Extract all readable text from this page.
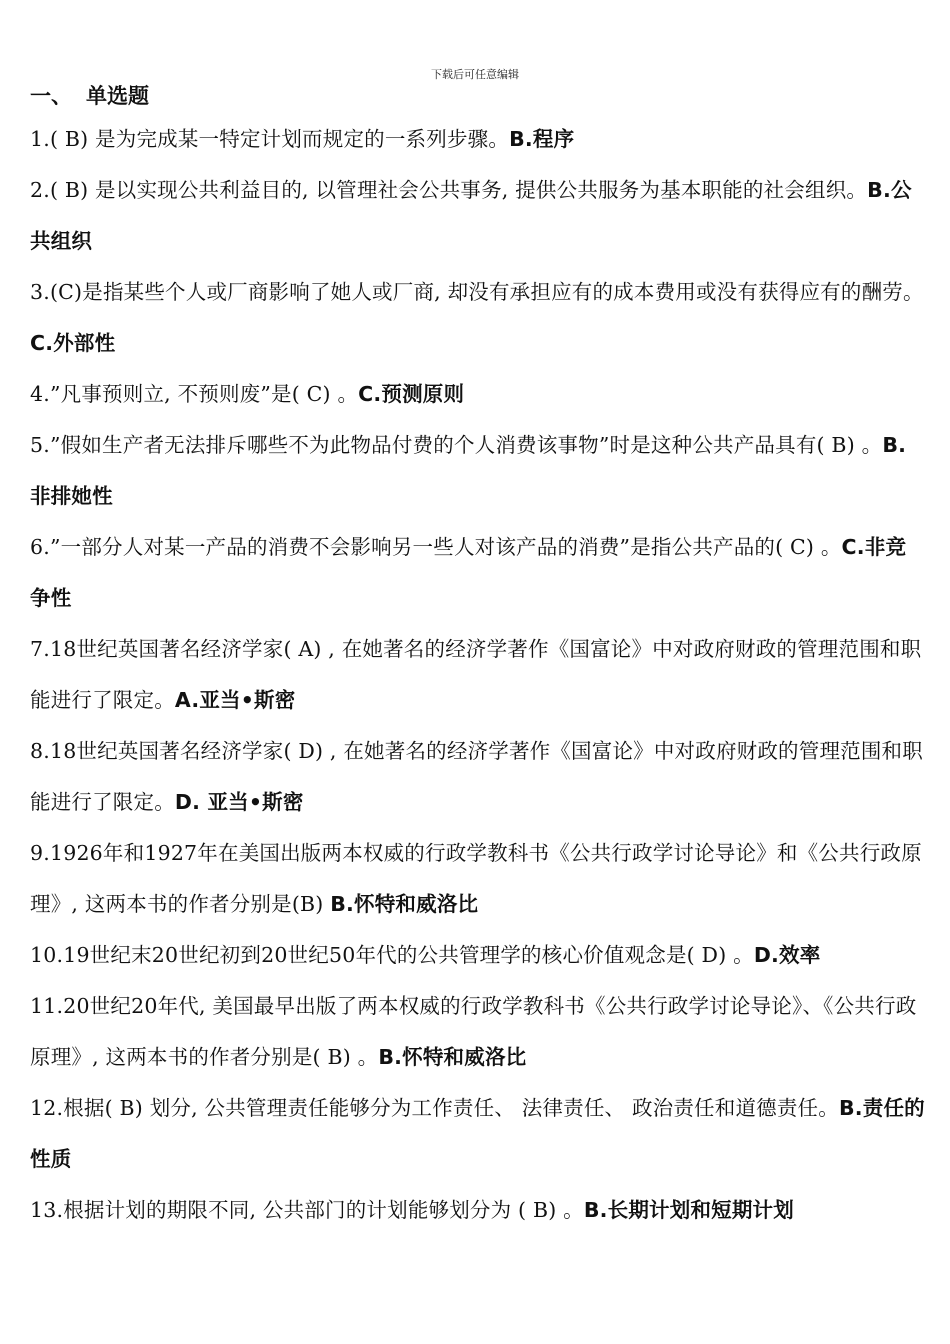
下载后可任意编辑
一、 单选题

1.( B) 是为完成某一特定计划而规定的一系列步骤。B.程序

2.( B) 是以实现公共利益目的, 以管理社会公共事务, 提供公共服务为基本职能的社会组织。B.公共组织

3.(C)是指某些个人或厂商影响了她人或厂商, 却没有承担应有的成本费用或没有获得应有的酬劳。C.外部性

4.”凡事预则立, 不预则废”是( C) 。C.预测原则

5.”假如生产者无法排斥哪些不为此物品付费的个人消费该事物”时是这种公共产品具有( B) 。B.非排她性

6.”一部分人对某一产品的消费不会影响另一些人对该产品的消费”是指公共产品的( C) 。C.非竞争性

7.18世纪英国著名经济学家( A) , 在她著名的经济学著作《国富论》中对政府财政的管理范围和职能进行了限定。A.亚当•斯密

8.18世纪英国著名经济学家( D) , 在她著名的经济学著作《国富论》中对政府财政的管理范围和职能进行了限定。D. 亚当•斯密

9.1926年和1927年在美国出版两本权威的行政学教科书《公共行政学讨论导论》和《公共行政原理》, 这两本书的作者分别是(B) B.怀特和威洛比

10.19世纪末20世纪初到20世纪50年代的公共管理学的核心价值观念是( D) 。D.效率

11.20世纪20年代, 美国最早出版了两本权威的行政学教科书《公共行政学讨论导论》、《公共行政原理》, 这两本书的作者分别是( B) 。B.怀特和威洛比

12.根据( B) 划分, 公共管理责任能够分为工作责任、 法律责任、 政治责任和道德责任。B.责任的性质

13.根据计划的期限不同, 公共部门的计划能够划分为 ( B) 。B.长期计划和短期计划
